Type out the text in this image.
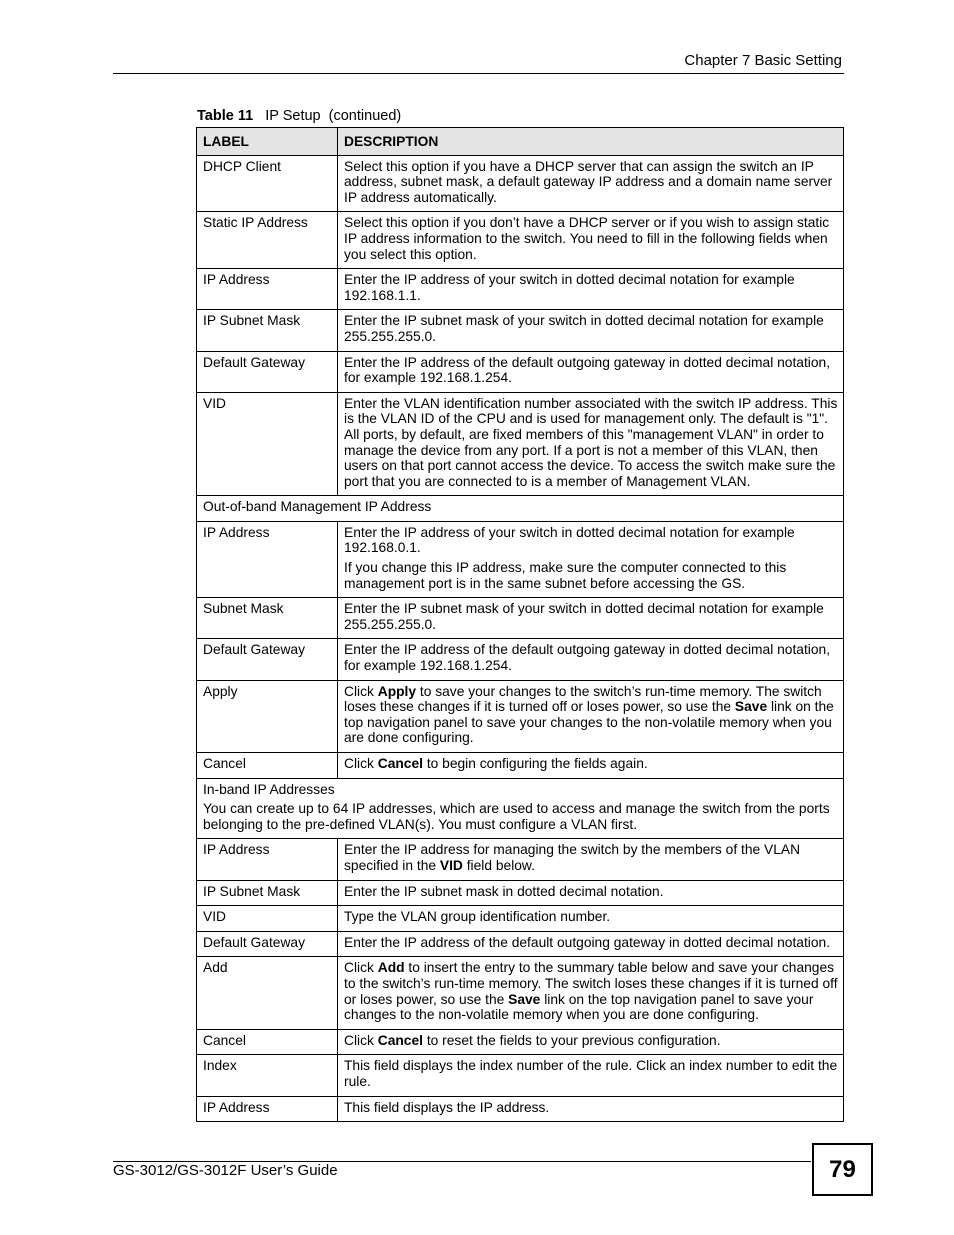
Chapter 7 Basic Setting
Table 11 IP Setup  (continued)
LABEL	DESCRIPTION
DHCP Client	Select this option if you have a DHCP server that can assign the switch an IP address, subnet mask, a default gateway IP address and a domain name server IP address automatically.
Static IP Address	Select this option if you don’t have a DHCP server or if you wish to assign static IP address information to the switch. You need to fill in the following fields when you select this option.
IP Address	Enter the IP address of your switch in dotted decimal notation for example 192.168.1.1.
IP Subnet Mask	Enter the IP subnet mask of your switch in dotted decimal notation for example 255.255.255.0.
Default Gateway	Enter the IP address of the default outgoing gateway in dotted decimal notation, for example 192.168.1.254.
VID	Enter the VLAN identification number associated with the switch IP address. This is the VLAN ID of the CPU and is used for management only. The default is "1". All ports, by default, are fixed members of this "management VLAN" in order to manage the device from any port. If a port is not a member of this VLAN, then users on that port cannot access the device. To access the switch make sure the port that you are connected to is a member of Management VLAN.
Out-of-band Management IP Address	
IP Address	Enter the IP address of your switch in dotted decimal notation for example 192.168.0.1.
If you change this IP address, make sure the computer connected to this management port is in the same subnet before accessing the GS.

Subnet Mask	Enter the IP subnet mask of your switch in dotted decimal notation for example 255.255.255.0.
Default Gateway	Enter the IP address of the default outgoing gateway in dotted decimal notation, for example 192.168.1.254.
Apply	Click Apply to save your changes to the switch’s run-time memory. The switch loses these changes if it is turned off or loses power, so use the Save link on the top navigation panel to save your changes to the non-volatile memory when you are done configuring.
Cancel	Click Cancel to begin configuring the fields again.

In-band IP Addresses
You can create up to 64 IP addresses, which are used to access and manage the switch from the ports belonging to the pre-defined VLAN(s). You must configure a VLAN first.	

IP Address	Enter the IP address for managing the switch by the members of the VLAN specified in the VID field below.
IP Subnet Mask	Enter the IP subnet mask in dotted decimal notation.
VID	Type the VLAN group identification number.
Default Gateway	Enter the IP address of the default outgoing gateway in dotted decimal notation.
Add	Click Add to insert the entry to the summary table below and save your changes to the switch’s run-time memory. The switch loses these changes if it is turned off or loses power, so use the Save link on the top navigation panel to save your changes to the non-volatile memory when you are done configuring.
Cancel	Click Cancel to reset the fields to your previous configuration.
Index	This field displays the index number of the rule. Click an index number to edit the rule.
IP Address	This field displays the IP address.
GS-3012/GS-3012F User’s Guide	79
